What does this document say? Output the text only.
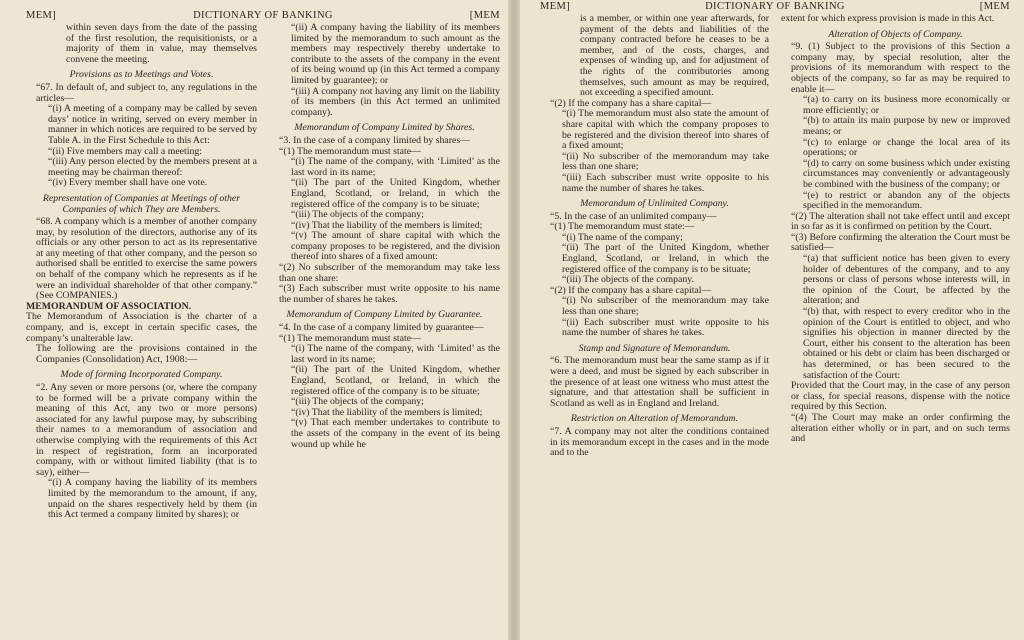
MEM]	DICTIONARY OF BANKING	[MEM

within seven days from the date of the passing of the first resolution, the requisitionists, or a majority of them in value, may themselves convene the meeting.

Provisions as to Meetings and Votes.

“67. In default of, and subject to, any regulations in the articles—

“(i) A meeting of a company may be called by seven days’ notice in writing, served on every member in manner in which notices are required to be served by Table A. in the First Schedule to this Act:

“(ii) Five members may call a meeting:

“(iii) Any person elected by the members present at a meeting may be chairman thereof:

“(iv) Every member shall have one vote.

Representation of Companies at Meetings of other Companies of which They are Members.

“68. A company which is a member of another company may, by resolution of the directors, authorise any of its officials or any other person to act as its representative at any meeting of that other company, and the person so authorised shall be entitled to exercise the same powers on behalf of the company which he represents as if he were an individual shareholder of that other company.” (See COMPANIES.)

MEMORANDUM OF ASSOCIATION.

The Memorandum of Association is the charter of a company, and is, except in certain specific cases, the company’s unalterable law.

The following are the provisions contained in the Companies (Consolidation) Act, 1908:—

Mode of forming Incorporated Company.

“2. Any seven or more persons (or, where the company to be formed will be a private company within the meaning of this Act, any two or more persons) associated for any lawful purpose may, by subscribing their names to a memorandum of association and otherwise complying with the requirements of this Act in respect of registration, form an incorporated company, with or without limited liability (that is to say), either—

“(i) A company having the liability of its members limited by the memorandum to the amount, if any, unpaid on the shares respectively held by them (in this Act termed a company limited by shares); or

“(ii) A company having the liability of its members limited by the memorandum to such amount as the members may respectively thereby undertake to contribute to the assets of the company in the event of its being wound up (in this Act termed a company limited by guarantee); or

“(iii) A company not having any limit on the liability of its members (in this Act termed an unlimited company).

Memorandum of Company Limited by Shares.

“3. In the case of a company limited by shares—

“(1) The memorandum must state—

“(i) The name of the company, with ‘Limited’ as the last word in its name;

“(ii) The part of the United Kingdom, whether England, Scotland, or Ireland, in which the registered office of the company is to be situate;

“(iii) The objects of the company;

“(iv) That the liability of the members is limited;

“(v) The amount of share capital with which the company proposes to be registered, and the division thereof into shares of a fixed amount:

“(2) No subscriber of the memorandum may take less than one share:

“(3) Each subscriber must write opposite to his name the number of shares he takes.

Memorandum of Company Limited by Guarantee.

“4. In the case of a company limited by guarantee—

“(1) The memorandum must state—

“(i) The name of the company, with ‘Limited’ as the last word in its name;

“(ii) The part of the United Kingdom, whether England, Scotland, or Ireland, in which the registered office of the company is to be situate;

“(iii) The objects of the company;

“(iv) That the liability of the members is limited;

“(v) That each member undertakes to contribute to the assets of the company in the event of its being wound up while he

MEM]	DICTIONARY OF BANKING	[MEM

is a member, or within one year afterwards, for payment of the debts and liabilities of the company contracted before he ceases to be a member, and of the costs, charges, and expenses of winding up, and for adjustment of the rights of the contributories among themselves, such amount as may be required, not exceeding a specified amount.

“(2) If the company has a share capital—

“(i) The memorandum must also state the amount of share capital with which the company proposes to be registered and the division thereof into shares of a fixed amount;

“(ii) No subscriber of the memorandum may take less than one share;

“(iii) Each subscriber must write opposite to his name the number of shares he takes.

Memorandum of Unlimited Company.

“5. In the case of an unlimited company—

“(1) The memorandum must state:—

“(i) The name of the company;

“(ii) The part of the United Kingdom, whether England, Scotland, or Ireland, in which the registered office of the company is to be situate;

“(iii) The objects of the company.

“(2) If the company has a share capital—

“(i) No subscriber of the memorandum may take less than one share;

“(ii) Each subscriber must write opposite to his name the number of shares he takes.

Stamp and Signature of Memorandum.

“6. The memorandum must bear the same stamp as if it were a deed, and must be signed by each subscriber in the presence of at least one witness who must attest the signature, and that attestation shall be sufficient in Scotland as well as in England and Ireland.

Restriction on Alteration of Memorandum.

“7. A company may not alter the conditions contained in its memorandum except in the cases and in the mode and to the

extent for which express provision is made in this Act.

Alteration of Objects of Company.

“9. (1) Subject to the provisions of this Section a company may, by special resolution, alter the provisions of its memorandum with respect to the objects of the company, so far as may be required to enable it—

“(a) to carry on its business more economically or more efficiently; or

“(b) to attain its main purpose by new or improved means; or

“(c) to enlarge or change the local area of its operations; or

“(d) to carry on some business which under existing circumstances may conveniently or advantageously be combined with the business of the company; or

“(e) to restrict or abandon any of the objects specified in the memorandum.

“(2) The alteration shall not take effect until and except in so far as it is confirmed on petition by the Court.

“(3) Before confirming the alteration the Court must be satisfied—

“(a) that sufficient notice has been given to every holder of debentures of the company, and to any persons or class of persons whose interests will, in the opinion of the Court, be affected by the alteration; and

“(b) that, with respect to every creditor who in the opinion of the Court is entitled to object, and who signifies his objection in manner directed by the Court, either his consent to the alteration has been obtained or his debt or claim has been discharged or has determined, or has been secured to the satisfaction of the Court:

Provided that the Court may, in the case of any person or class, for special reasons, dispense with the notice required by this Section.

“(4) The Court may make an order confirming the alteration either wholly or in part, and on such terms and
